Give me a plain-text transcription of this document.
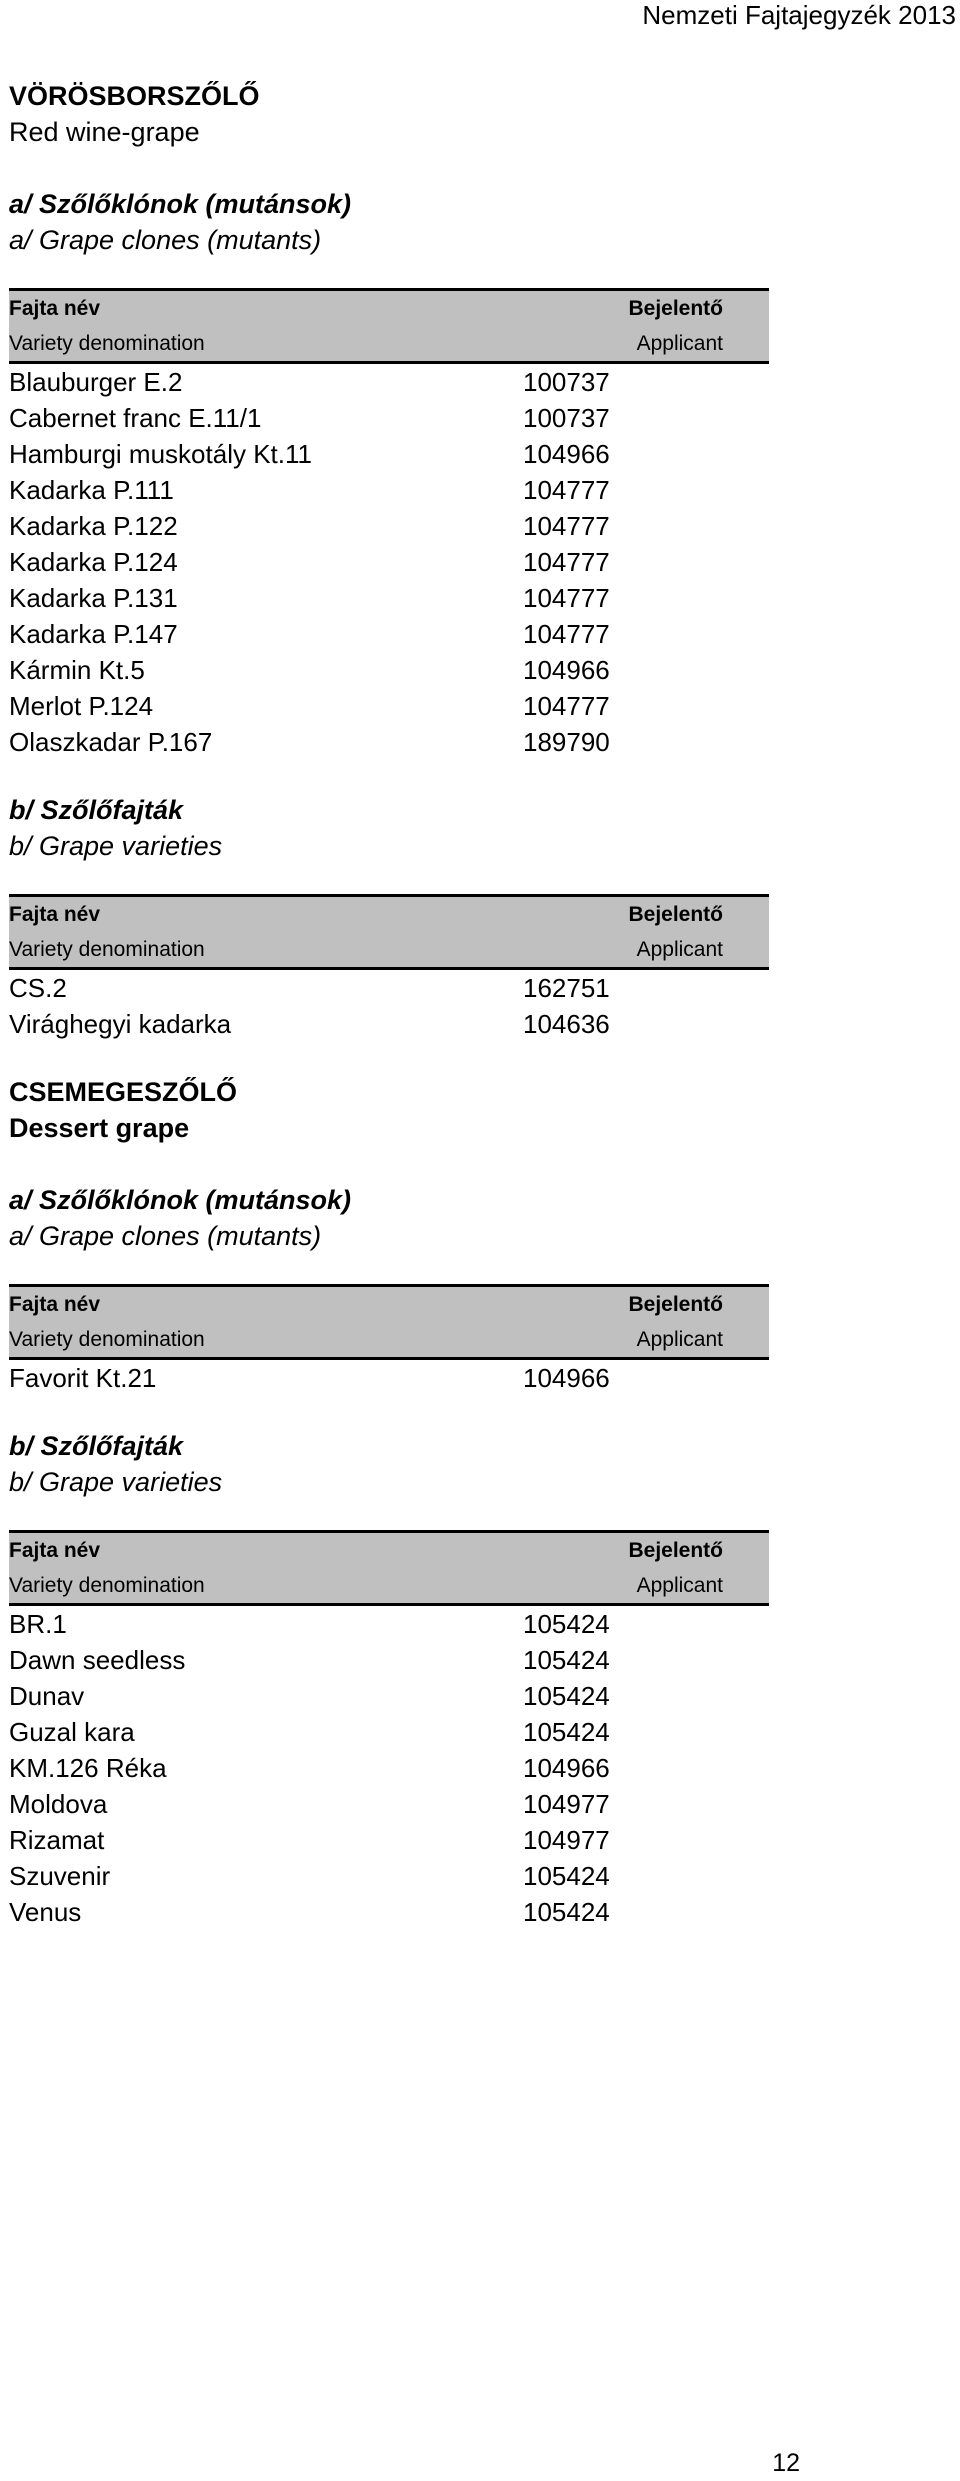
Nemzeti Fajtajegyzék 2013
VÖRÖSBORSZŐLŐ
Red wine-grape
a/ Szőlőklónok (mutánsok)
a/ Grape clones (mutants)
Fajta név	Bejelentő
Variety denomination	Applicant
Blauburger E.2	100737
Cabernet franc E.11/1	100737
Hamburgi muskotály Kt.11	104966
Kadarka P.111	104777
Kadarka P.122	104777
Kadarka P.124	104777
Kadarka P.131	104777
Kadarka P.147	104777
Kármin Kt.5	104966
Merlot P.124	104777
Olaszkadar P.167	189790
b/ Szőlőfajták
b/ Grape varieties
Fajta név	Bejelentő
Variety denomination	Applicant
CS.2	162751
Virághegyi kadarka	104636
CSEMEGESZŐLŐ
Dessert grape
a/ Szőlőklónok (mutánsok)
a/ Grape clones (mutants)
Fajta név	Bejelentő
Variety denomination	Applicant
Favorit Kt.21	104966
b/ Szőlőfajták
b/ Grape varieties
Fajta név	Bejelentő
Variety denomination	Applicant
BR.1	105424
Dawn seedless	105424
Dunav	105424
Guzal kara	105424
KM.126 Réka	104966
Moldova	104977
Rizamat	104977
Szuvenir	105424
Venus	105424
12
